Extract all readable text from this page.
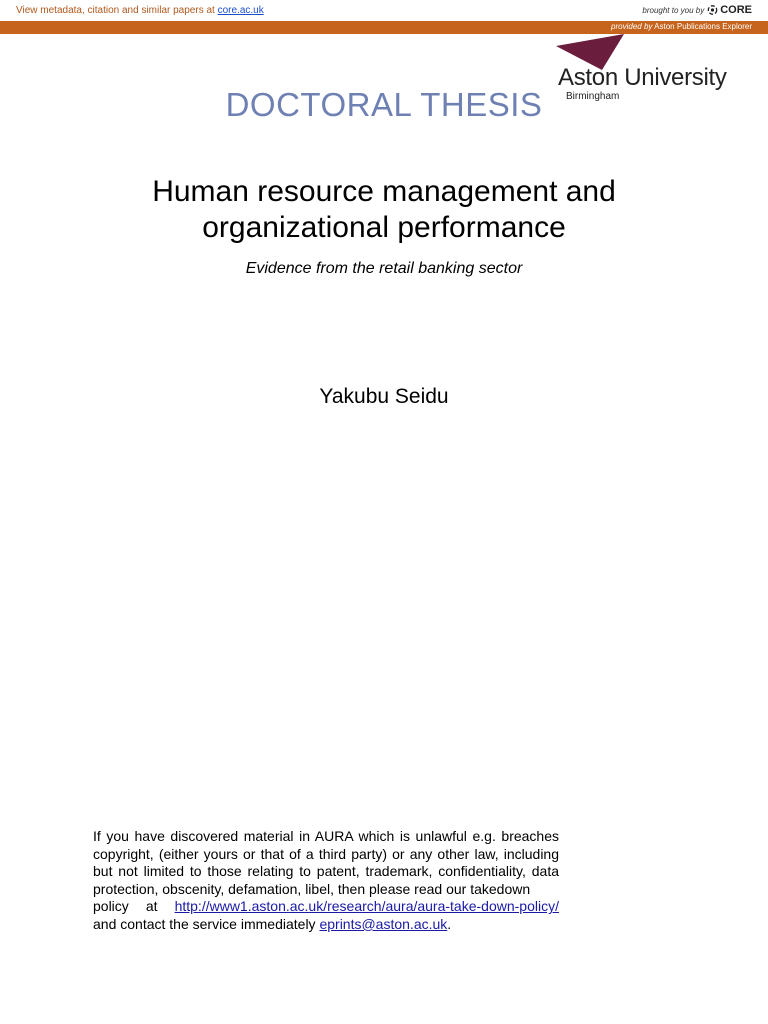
View metadata, citation and similar papers at core.ac.uk	brought to you by CORE
provided by Aston Publications Explorer
Aston University
Birmingham
DOCTORAL THESIS
Human resource management and
organizational performance
Evidence from the retail banking sector
Yakubu Seidu
If you have discovered material in AURA which is unlawful e.g. breaches copyright, (either yours or that of a third party) or any other law, including but not limited to those relating to patent, trademark, confidentiality, data protection, obscenity, defamation, libel, then please read our takedown
policy at http://www1.aston.ac.uk/research/aura/aura-take-down-policy/
and contact the service immediately eprints@aston.ac.uk.
